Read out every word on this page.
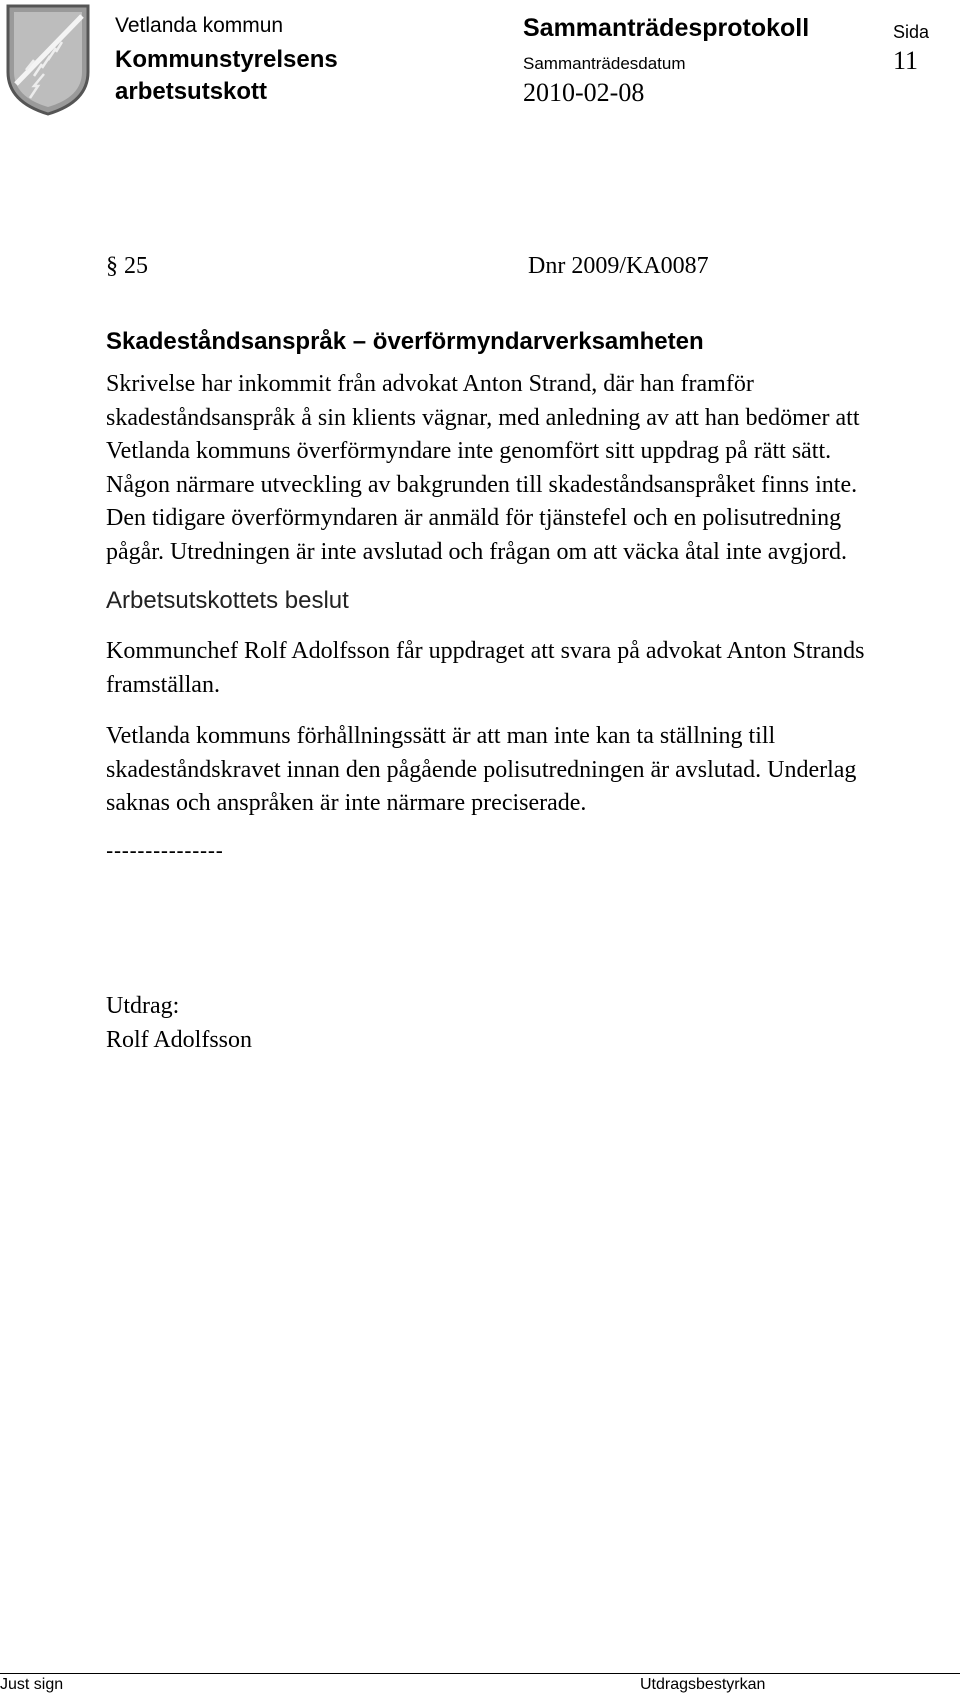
Vetlanda kommun
Kommunstyrelsens
arbetsutskott
Sammanträdesprotokoll	Sida
11
Sammanträdesdatum
2010-02-08
§ 25	Dnr 2009/KA0087
Skadeståndsanspråk – överförmyndarverksamheten
Skrivelse har inkommit från advokat Anton Strand, där han framför
skadeståndsanspråk å sin klients vägnar, med anledning av att han bedömer att
Vetlanda kommuns överförmyndare inte genomfört sitt uppdrag på rätt sätt.
Någon närmare utveckling av bakgrunden till skadeståndsanspråket finns inte.
Den tidigare överförmyndaren är anmäld för tjänstefel och en polisutredning
pågår. Utredningen är inte avslutad och frågan om att väcka åtal inte avgjord.
Arbetsutskottets beslut
Kommunchef Rolf Adolfsson får uppdraget att svara på advokat Anton Strands
framställan.
Vetlanda kommuns förhållningssätt är att man inte kan ta ställning till
skadeståndskravet innan den pågående polisutredningen är avslutad. Underlag
saknas och anspråken är inte närmare preciserade.
---------------
Utdrag:
Rolf Adolfsson
Just sign	Utdragsbestyrkan
